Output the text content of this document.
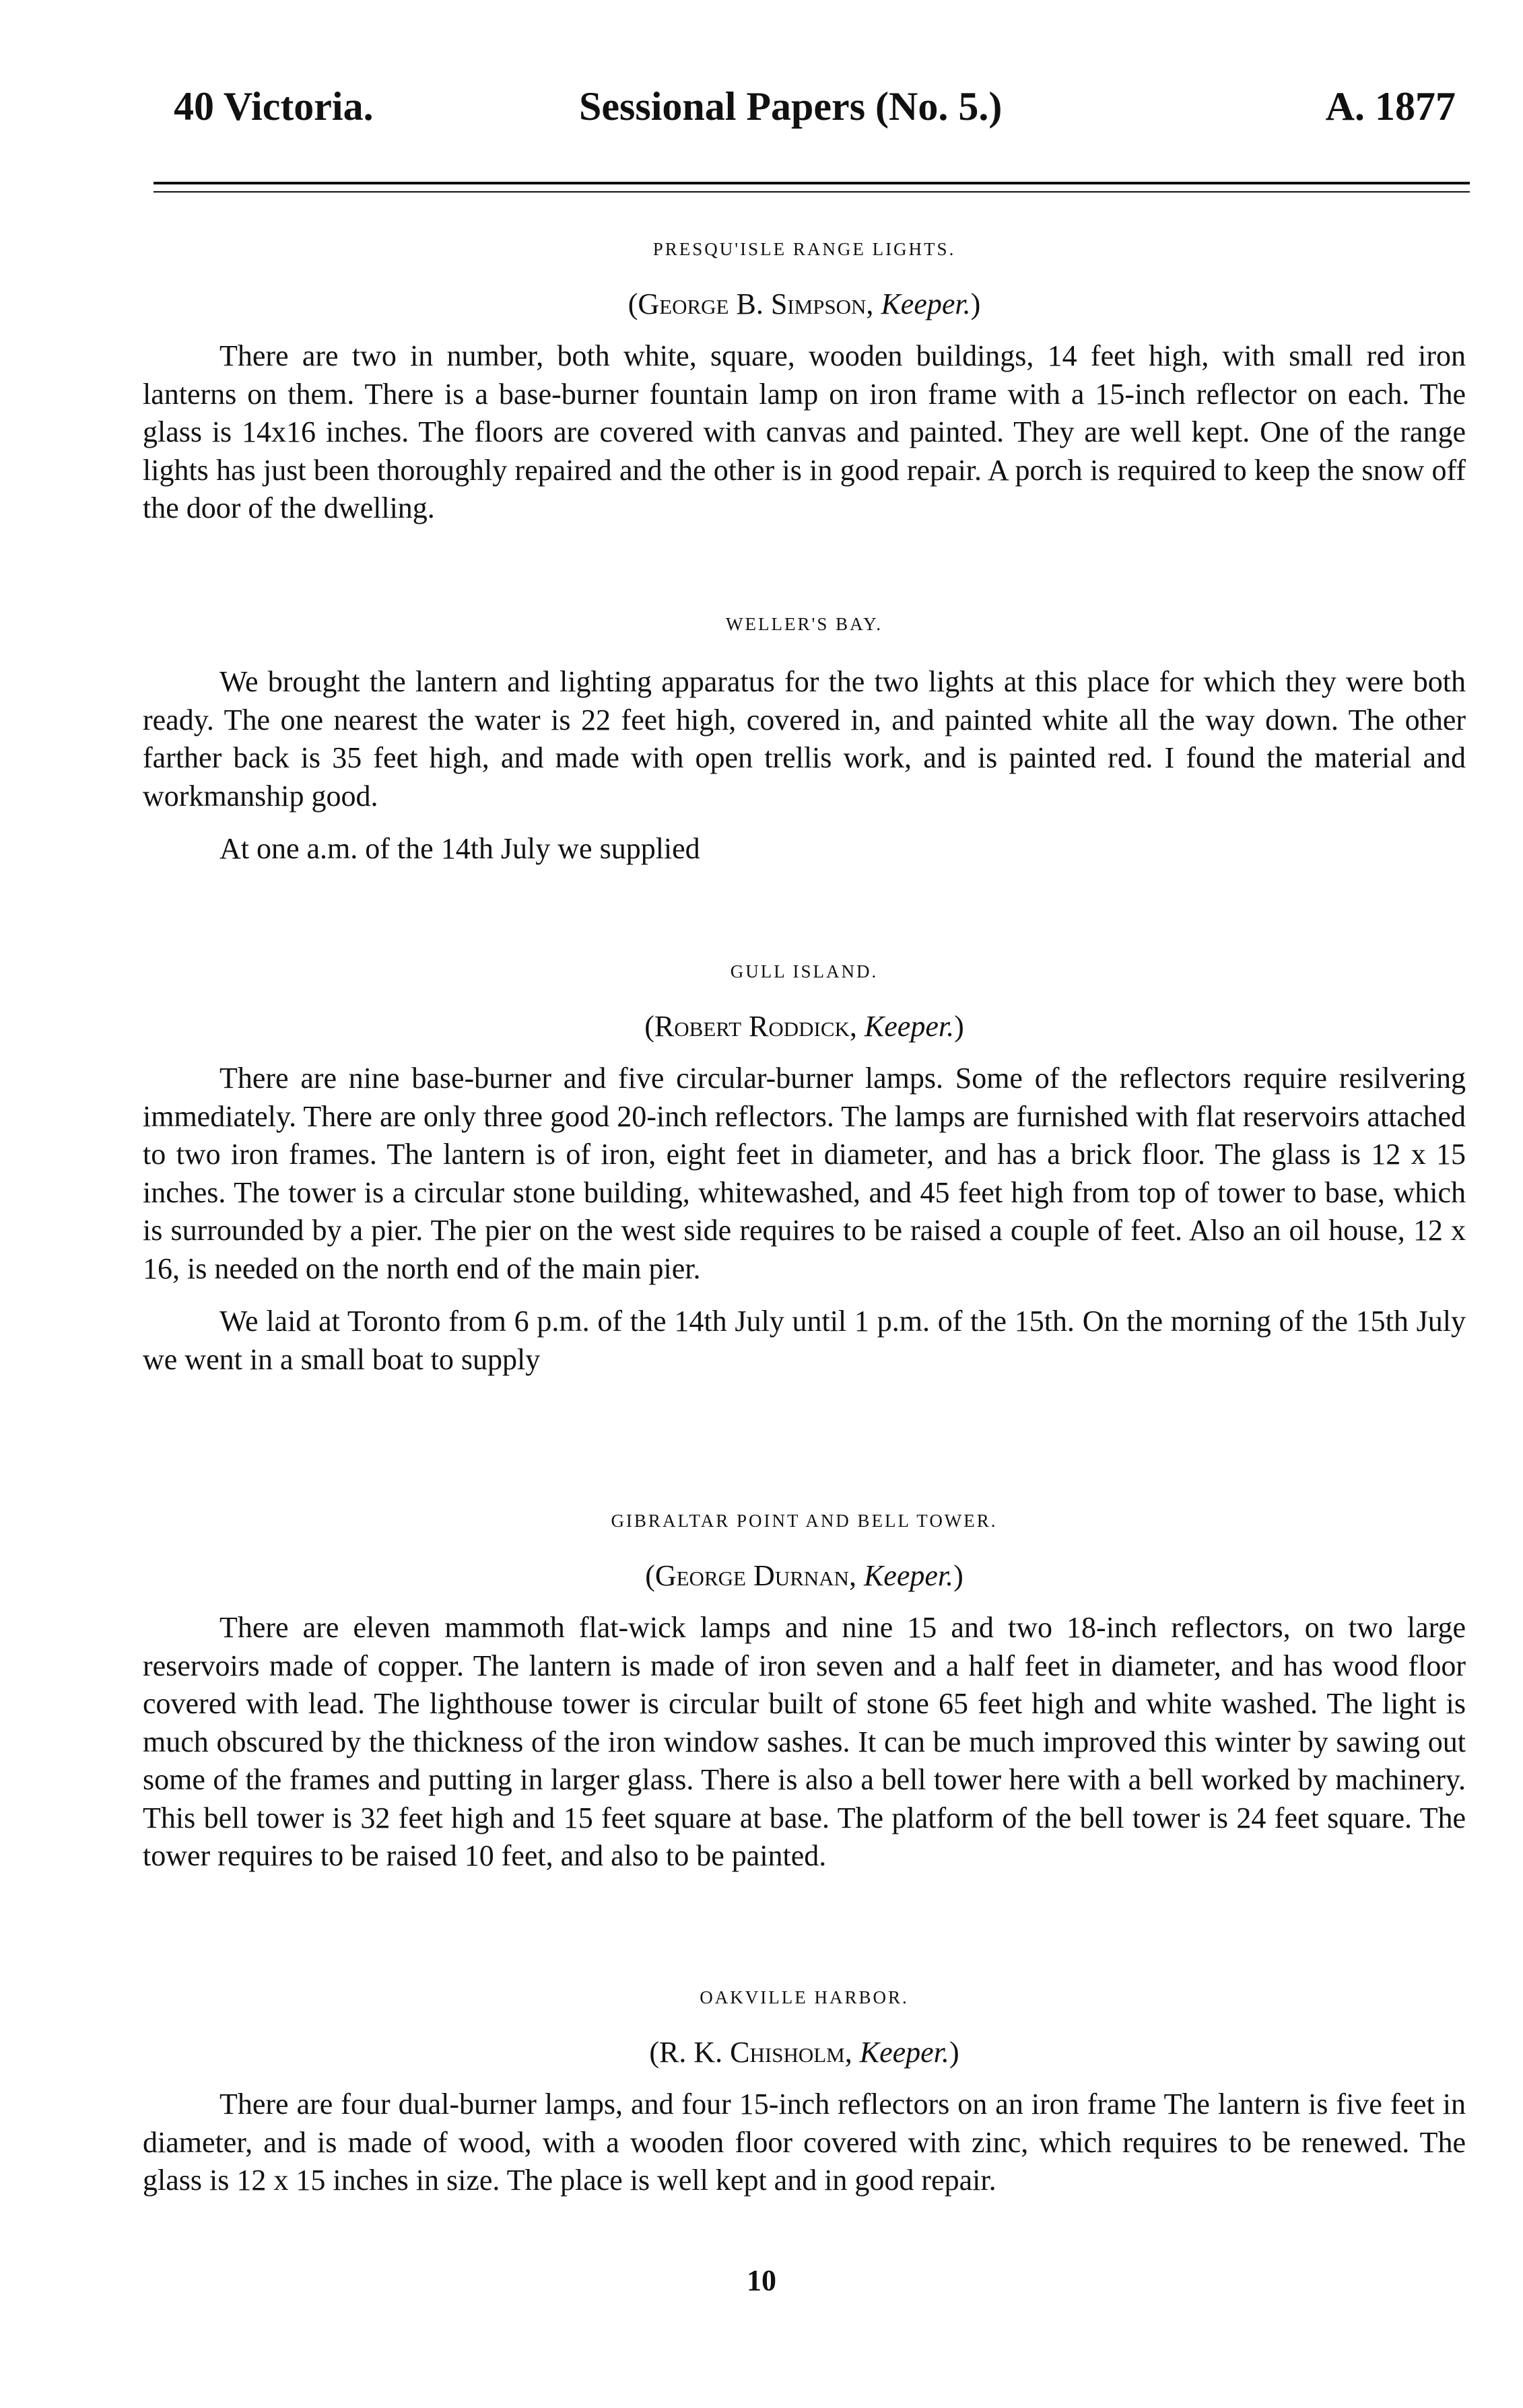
40 Victoria.	Sessional Papers (No. 5.)	A. 1877
PRESQU'ISLE RANGE LIGHTS.
(George B. Simpson, Keeper.)

There are two in number, both white, square, wooden buildings, 14 feet high, with small red iron lanterns on them. There is a base-burner fountain lamp on iron frame with a 15-inch reflector on each. The glass is 14x16 inches. The floors are covered with canvas and painted. They are well kept. One of the range lights has just been thoroughly repaired and the other is in good repair. A porch is required to keep the snow off the door of the dwelling.

WELLER'S BAY.

We brought the lantern and lighting apparatus for the two lights at this place for which they were both ready. The one nearest the water is 22 feet high, covered in, and painted white all the way down. The other farther back is 35 feet high, and made with open trellis work, and is painted red. I found the material and workmanship good.

At one a.m. of the 14th July we supplied

GULL ISLAND.
(Robert Roddick, Keeper.)

There are nine base-burner and five circular-burner lamps. Some of the reflectors require resilvering immediately. There are only three good 20-inch reflectors. The lamps are furnished with flat reservoirs attached to two iron frames. The lantern is of iron, eight feet in diameter, and has a brick floor. The glass is 12 x 15 inches. The tower is a circular stone building, whitewashed, and 45 feet high from top of tower to base, which is surrounded by a pier. The pier on the west side requires to be raised a couple of feet. Also an oil house, 12 x 16, is needed on the north end of the main pier.

We laid at Toronto from 6 p.m. of the 14th July until 1 p.m. of the 15th. On the morning of the 15th July we went in a small boat to supply

GIBRALTAR POINT AND BELL TOWER.
(George Durnan, Keeper.)

There are eleven mammoth flat-wick lamps and nine 15 and two 18-inch reflectors, on two large reservoirs made of copper. The lantern is made of iron seven and a half feet in diameter, and has wood floor covered with lead. The lighthouse tower is circular built of stone 65 feet high and white washed. The light is much obscured by the thickness of the iron window sashes. It can be much improved this winter by sawing out some of the frames and putting in larger glass. There is also a bell tower here with a bell worked by machinery. This bell tower is 32 feet high and 15 feet square at base. The platform of the bell tower is 24 feet square. The tower requires to be raised 10 feet, and also to be painted.

OAKVILLE HARBOR.
(R. K. Chisholm, Keeper.)

There are four dual-burner lamps, and four 15-inch reflectors on an iron frame The lantern is five feet in diameter, and is made of wood, with a wooden floor covered with zinc, which requires to be renewed. The glass is 12 x 15 inches in size. The place is well kept and in good repair.

10
